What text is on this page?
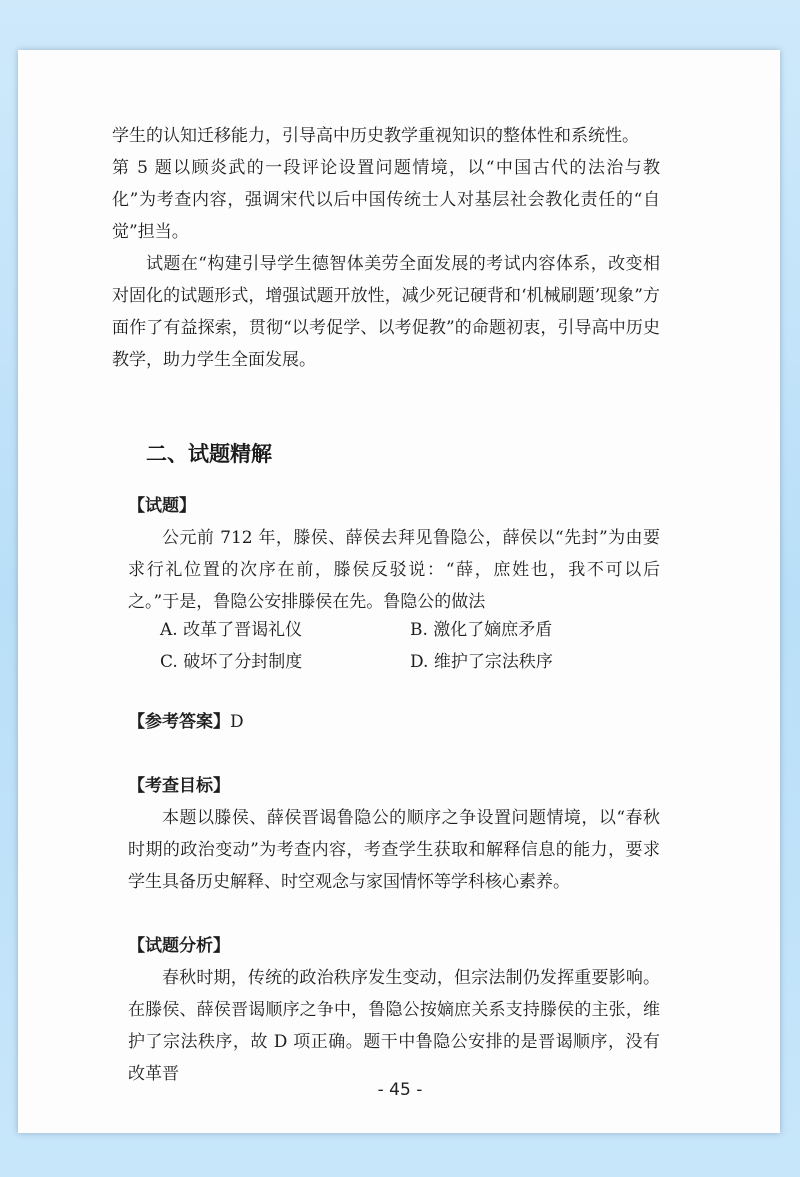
学生的认知迁移能力，引导高中历史教学重视知识的整体性和系统性。

第 5 题以顾炎武的一段评论设置问题情境，以“中国古代的法治与教化”为考查内容，强调宋代以后中国传统士人对基层社会教化责任的“自觉”担当。

试题在“构建引导学生德智体美劳全面发展的考试内容体系，改变相对固化的试题形式，增强试题开放性，减少死记硬背和‘机械刷题’现象”方面作了有益探索，贯彻“以考促学、以考促教”的命题初衷，引导高中历史教学，助力学生全面发展。

二、试题精解
【试题】

公元前 712 年，滕侯、薛侯去拜见鲁隐公，薛侯以“先封”为由要求行礼位置的次序在前，滕侯反驳说：“薛，庶姓也，我不可以后之。”于是，鲁隐公安排滕侯在先。鲁隐公的做法

A. 改革了晋谒礼仪	B. 激化了嫡庶矛盾
C. 破坏了分封制度	D. 维护了宗法秩序
【参考答案】D
【考查目标】

本题以滕侯、薛侯晋谒鲁隐公的顺序之争设置问题情境，以“春秋时期的政治变动”为考查内容，考查学生获取和解释信息的能力，要求学生具备历史解释、时空观念与家国情怀等学科核心素养。

【试题分析】

春秋时期，传统的政治秩序发生变动，但宗法制仍发挥重要影响。在滕侯、薛侯晋谒顺序之争中，鲁隐公按嫡庶关系支持滕侯的主张，维护了宗法秩序，故 D 项正确。题干中鲁隐公安排的是晋谒顺序，没有改革晋

- 45 -
